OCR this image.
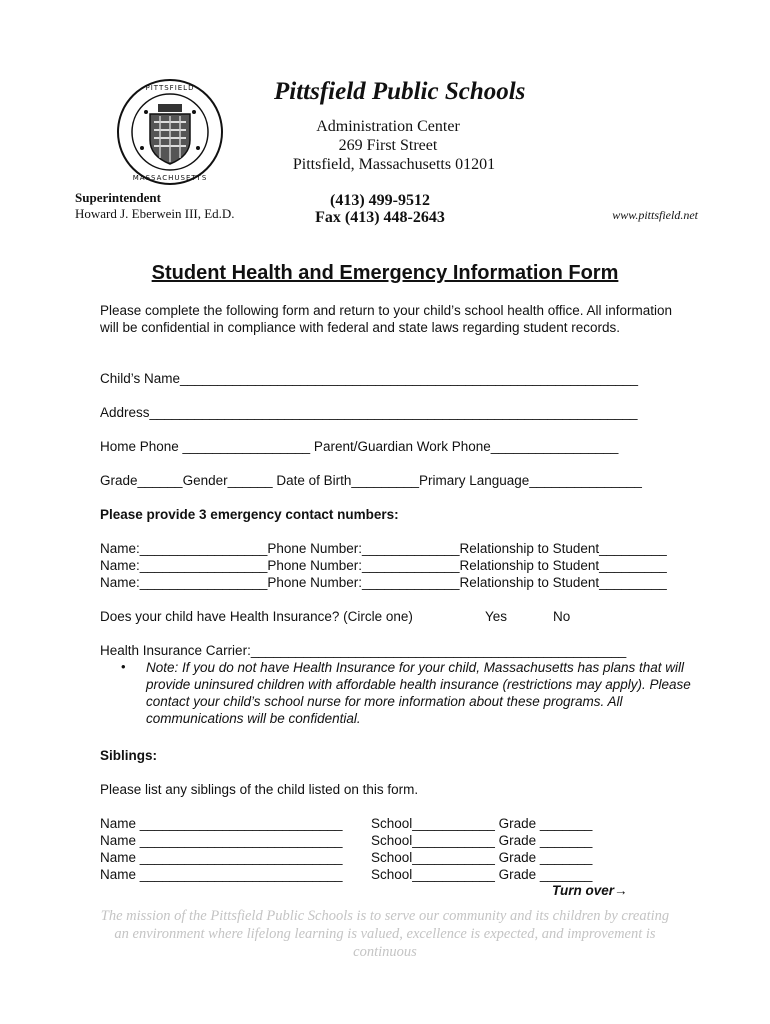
PITTSFIELD
MASSACHUSETTS
Pittsfield Public Schools
Administration Center
269 First Street
Pittsfield, Massachusetts 01201
(413) 499-9512
Fax (413) 448-2643
Superintendent
Howard J. Eberwein III, Ed.D.	www.pittsfield.net
Student Health and Emergency Information Form
Please complete the following form and return to your child’s school health office. All information will be confidential in compliance with federal and state laws regarding student records.
Child’s Name_____________________________________________________________
Address_________________________________________________________________
Home Phone _________________ Parent/Guardian Work Phone_________________
Grade______Gender______ Date of Birth_________Primary Language_______________
Please provide 3 emergency contact numbers:
Name:_________________Phone Number:_____________Relationship to Student_________
Name:_________________Phone Number:_____________Relationship to Student_________
Name:_________________Phone Number:_____________Relationship to Student_________
Does your child have Health Insurance? (Circle one)	Yes	No
Health Insurance Carrier:__________________________________________________
• Note: If you do not have Health Insurance for your child, Massachusetts has plans that will provide uninsured children with affordable health insurance (restrictions may apply). Please contact your child’s school nurse for more information about these programs. All communications will be confidential.
Siblings:
Please list any siblings of the child listed on this form.
Name ___________________________ School___________ Grade _______
Name ___________________________ School___________ Grade _______
Name ___________________________ School___________ Grade _______
Name ___________________________ School___________ Grade _______
Turn over→
The mission of the Pittsfield Public Schools is to serve our community and its children by creating an environment where lifelong learning is valued, excellence is expected, and improvement is continuous
